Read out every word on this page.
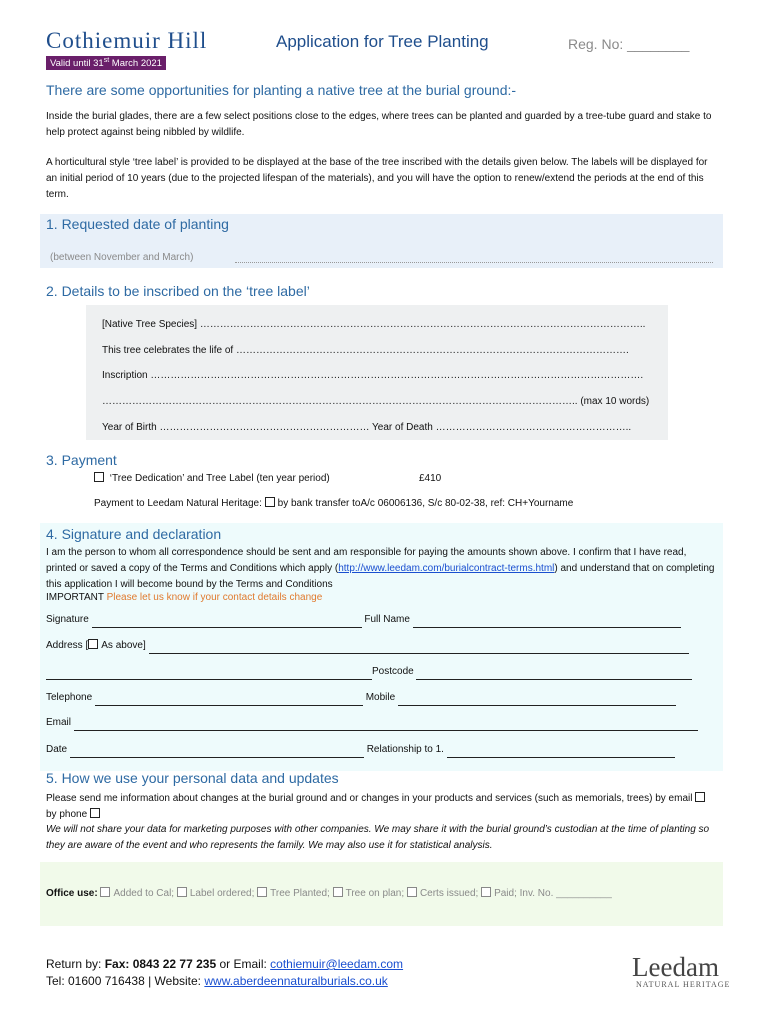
Cothiemuir Hill	Application for Tree Planting	Reg. No: ________
Valid until 31st March 2021
There are some opportunities for planting a native tree at the burial ground:-
Inside the burial glades, there are a few select positions close to the edges, where trees can be planted and guarded by a tree-tube guard and stake to help protect against being nibbled by wildlife.
A horticultural style ‘tree label’ is provided to be displayed at the base of the tree inscribed with the details given below. The labels will be displayed for an initial period of 10 years (due to the projected lifespan of the materials), and you will have the option to renew/extend the periods at the end of this term.
1. Requested date of planting
(between November and March)
2. Details to be inscribed on the ‘tree label’
[Native Tree Species] ……………………………………………………………………………………………………………………..
This tree celebrates the life of ……………………………………………………………………………………………………….
Inscription ………………………………………………………………………………………………………………………………….
…………………………………………………………………………………………………………………………….. (max 10 words)
Year of Birth ……………………………………………………… Year of Death …………………………………………………..
3. Payment
‘Tree Dedication’ and Tree Label (ten year period)	£410
Payment to Leedam Natural Heritage: by bank transfer toA/c 06006136, S/c 80-02-38, ref: CH+Yourname
4. Signature and declaration
I am the person to whom all correspondence should be sent and am responsible for paying the amounts shown above. I confirm that I have read, printed or saved a copy of the Terms and Conditions which apply (http://www.leedam.com/burialcontract-terms.html) and understand that on completing this application I will become bound by the Terms and Conditions
IMPORTANT Please let us know if your contact details change
Signature	Full Name
Address [ As above]
Postcode
Telephone	Mobile
Email
Date	Relationship to 1.
5. How we use your personal data and updates
Please send me information about changes at the burial ground and or changes in your products and services (such as memorials, trees) by email    by phone
We will not share your data for marketing purposes with other companies. We may share it with the burial ground’s custodian at the time of planting so they are aware of the event and who represents the family. We may also use it for statistical analysis.
Office use: Added to Cal; Label ordered; Tree Planted; Tree on plan; Certs issued; Paid; Inv. No. __________
Return by: Fax: 0843 22 77 235 or Email: cothiemuir@leedam.com
Tel: 01600 716438 | Website: www.aberdeennaturalburials.co.uk	Leedam
NATURAL HERITAGE
